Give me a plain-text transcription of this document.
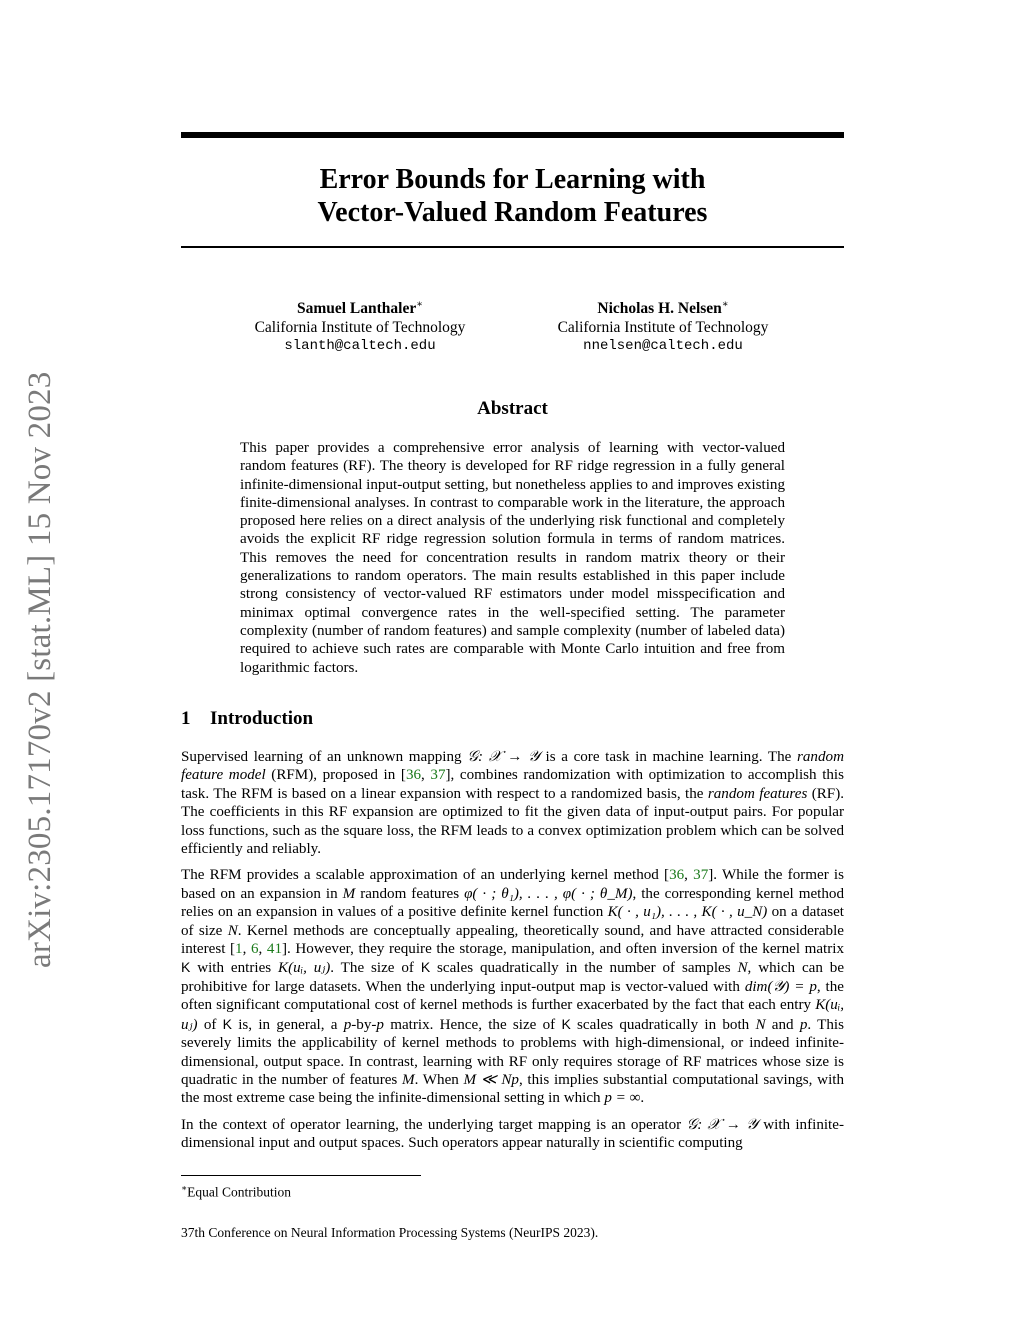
arXiv:2305.17170v2 [stat.ML] 15 Nov 2023
Error Bounds for Learning with
Vector-Valued Random Features
Samuel Lanthaler∗
California Institute of Technology
slanth@caltech.edu
Nicholas H. Nelsen∗
California Institute of Technology
nnelsen@caltech.edu
Abstract
This paper provides a comprehensive error analysis of learning with vector-valued random features (RF). The theory is developed for RF ridge regression in a fully general infinite-dimensional input-output setting, but nonetheless applies to and improves existing finite-dimensional analyses. In contrast to comparable work in the literature, the approach proposed here relies on a direct analysis of the underlying risk functional and completely avoids the explicit RF ridge regression solution formula in terms of random matrices. This removes the need for concentration results in random matrix theory or their generalizations to random operators. The main results established in this paper include strong consistency of vector-valued RF estimators under model misspecification and minimax optimal convergence rates in the well-specified setting. The parameter complexity (number of random features) and sample complexity (number of labeled data) required to achieve such rates are comparable with Monte Carlo intuition and free from logarithmic factors.
1 Introduction

Supervised learning of an unknown mapping 𝒢: 𝒳 → 𝒴 is a core task in machine learning. The random feature model (RFM), proposed in [36, 37], combines randomization with optimization to accomplish this task. The RFM is based on a linear expansion with respect to a randomized basis, the random features (RF). The coefficients in this RF expansion are optimized to fit the given data of input-output pairs. For popular loss functions, such as the square loss, the RFM leads to a convex optimization problem which can be solved efficiently and reliably.

The RFM provides a scalable approximation of an underlying kernel method [36, 37]. While the former is based on an expansion in M random features φ( · ; θ₁), . . . , φ( · ; θ_M), the corresponding kernel method relies on an expansion in values of a positive definite kernel function K( · , u₁), . . . , K( · , u_N) on a dataset of size N. Kernel methods are conceptually appealing, theoretically sound, and have attracted considerable interest [1, 6, 41]. However, they require the storage, manipulation, and often inversion of the kernel matrix K with entries K(uᵢ, uⱼ). The size of K scales quadratically in the number of samples N, which can be prohibitive for large datasets. When the underlying input-output map is vector-valued with dim(𝒴) = p, the often significant computational cost of kernel methods is further exacerbated by the fact that each entry K(uᵢ, uⱼ) of K is, in general, a p-by-p matrix. Hence, the size of K scales quadratically in both N and p. This severely limits the applicability of kernel methods to problems with high-dimensional, or indeed infinite-dimensional, output space. In contrast, learning with RF only requires storage of RF matrices whose size is quadratic in the number of features M. When M ≪ Np, this implies substantial computational savings, with the most extreme case being the infinite-dimensional setting in which p = ∞.

In the context of operator learning, the underlying target mapping is an operator 𝒢: 𝒳 → 𝒴 with infinite-dimensional input and output spaces. Such operators appear naturally in scientific computing

∗Equal Contribution
37th Conference on Neural Information Processing Systems (NeurIPS 2023).
